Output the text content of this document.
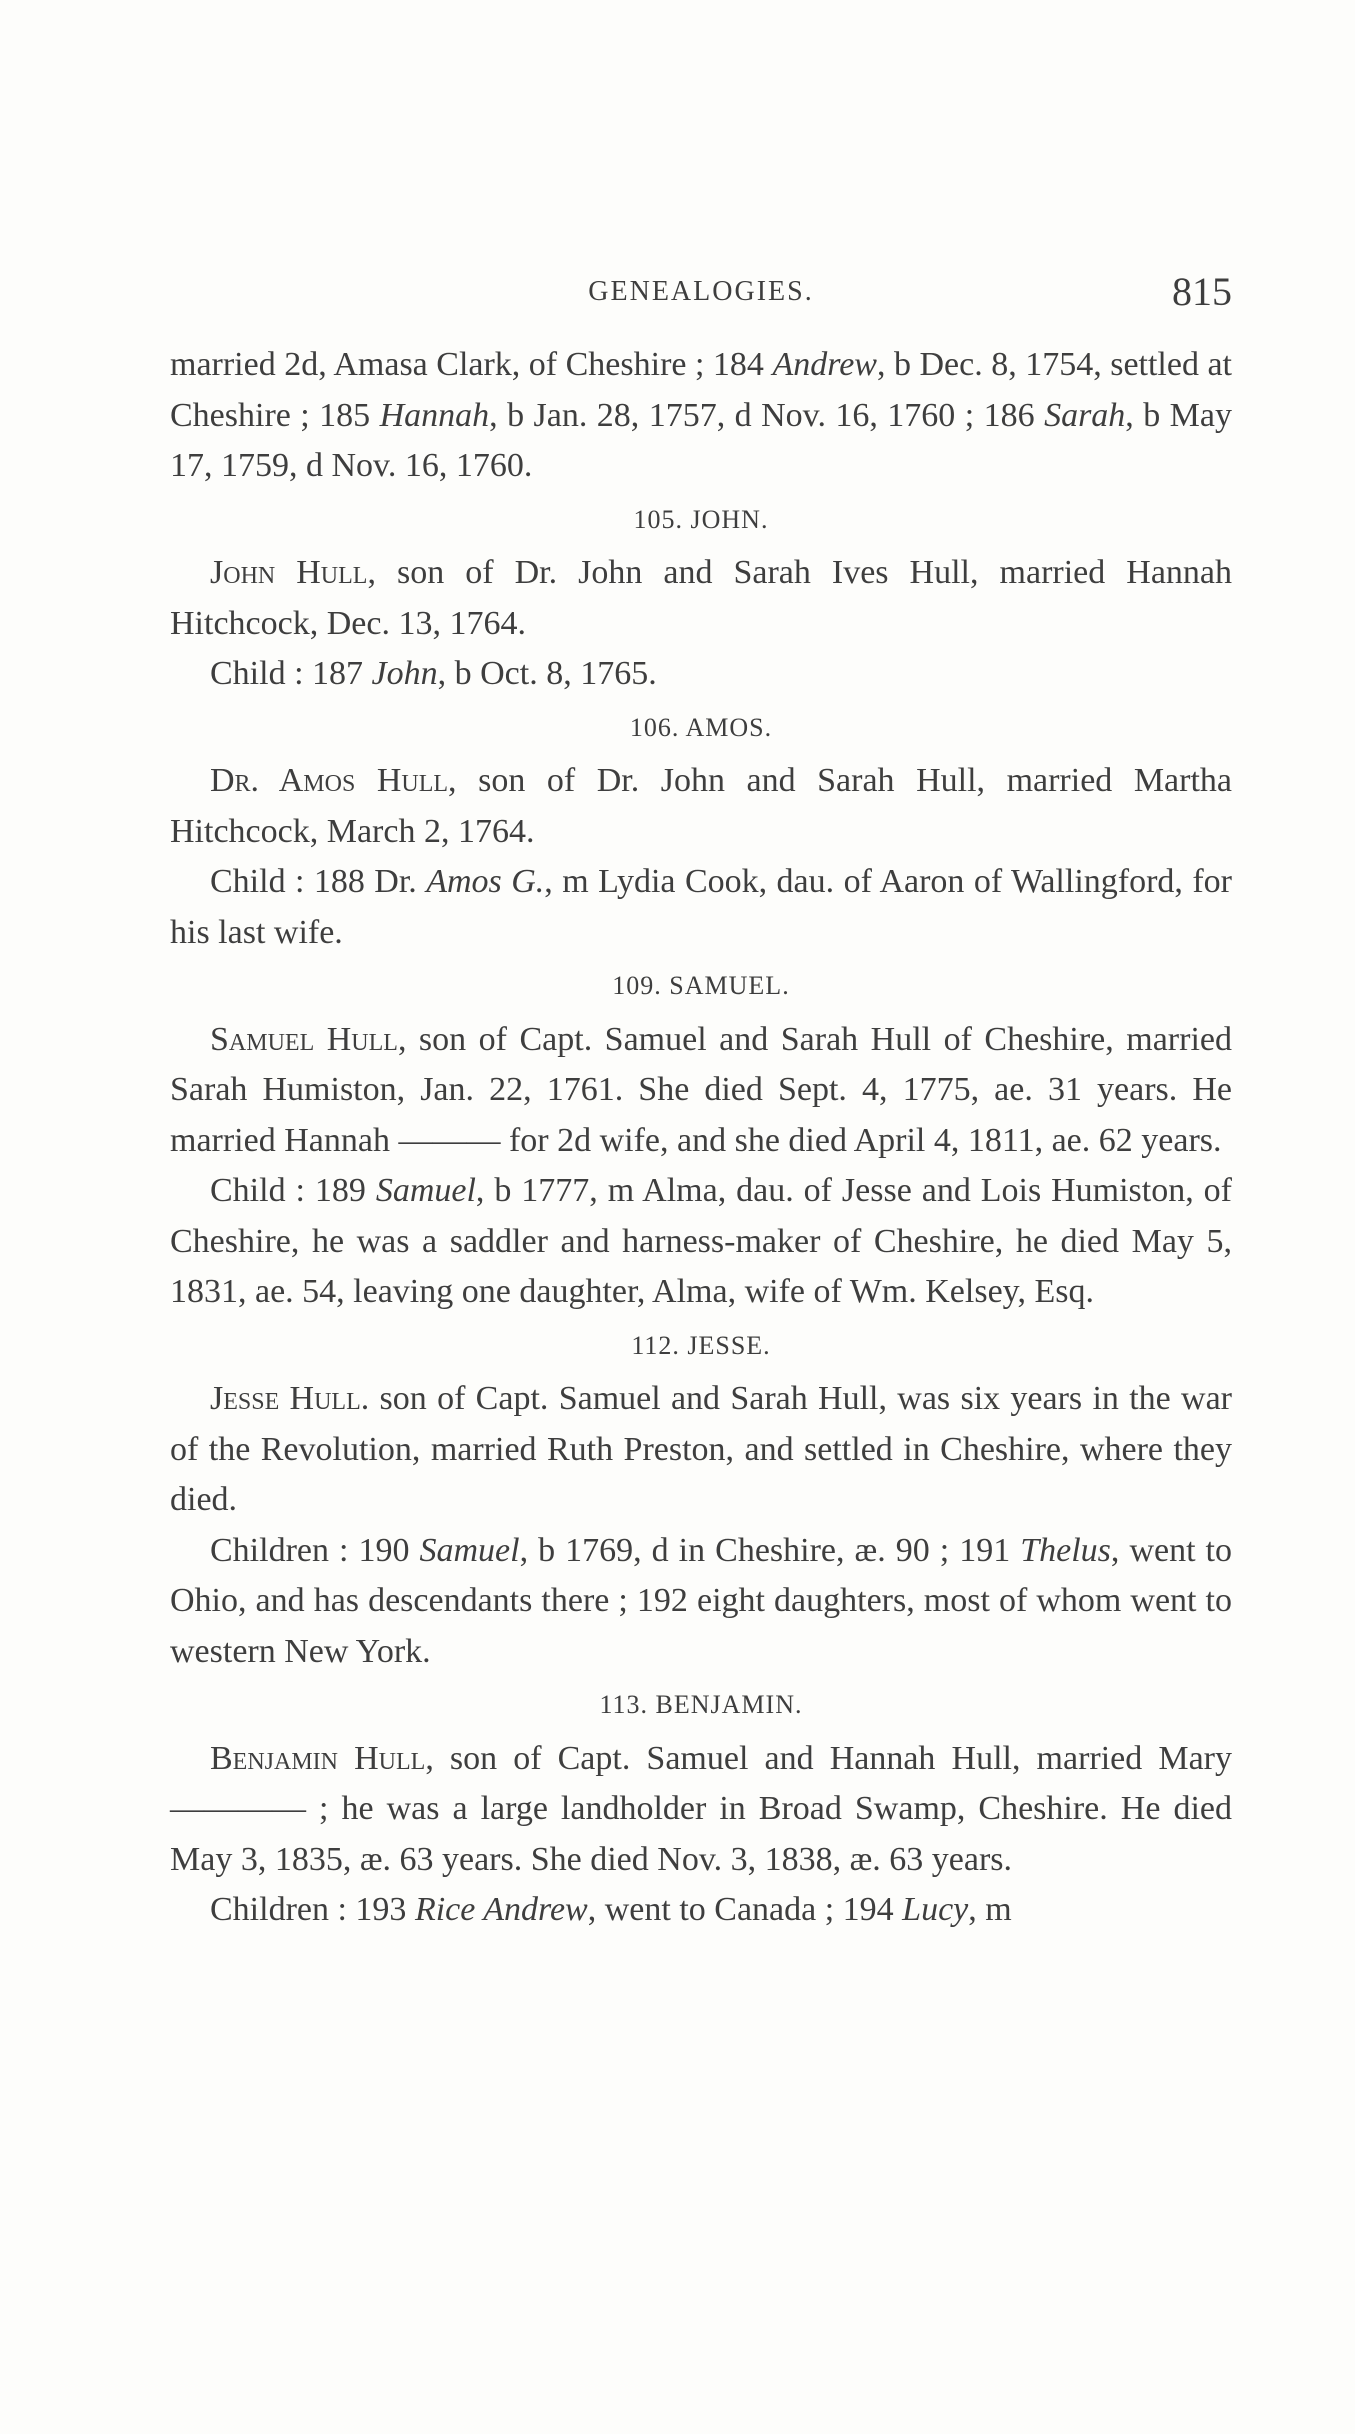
GENEALOGIES.	815

married 2d, Amasa Clark, of Cheshire ; 184 Andrew, b Dec. 8, 1754, settled at Cheshire ; 185 Hannah, b Jan. 28, 1757, d Nov. 16, 1760 ; 186 Sarah, b May 17, 1759, d Nov. 16, 1760.

105. JOHN.

John Hull, son of Dr. John and Sarah Ives Hull, married Hannah Hitchcock, Dec. 13, 1764.

Child : 187 John, b Oct. 8, 1765.

106. AMOS.

Dr. Amos Hull, son of Dr. John and Sarah Hull, married Martha Hitchcock, March 2, 1764.

Child : 188 Dr. Amos G., m Lydia Cook, dau. of Aaron of Wallingford, for his last wife.

109. SAMUEL.

Samuel Hull, son of Capt. Samuel and Sarah Hull of Cheshire, married Sarah Humiston, Jan. 22, 1761. She died Sept. 4, 1775, ae. 31 years. He married Hannah ——— for 2d wife, and she died April 4, 1811, ae. 62 years.

Child : 189 Samuel, b 1777, m Alma, dau. of Jesse and Lois Humiston, of Cheshire, he was a saddler and harness-maker of Cheshire, he died May 5, 1831, ae. 54, leaving one daughter, Alma, wife of Wm. Kelsey, Esq.

112. JESSE.

Jesse Hull. son of Capt. Samuel and Sarah Hull, was six years in the war of the Revolution, married Ruth Preston, and settled in Cheshire, where they died.

Children : 190 Samuel, b 1769, d in Cheshire, æ. 90 ; 191 Thelus, went to Ohio, and has descendants there ; 192 eight daughters, most of whom went to western New York.

113. BENJAMIN.

Benjamin Hull, son of Capt. Samuel and Hannah Hull, married Mary ———— ; he was a large landholder in Broad Swamp, Cheshire. He died May 3, 1835, æ. 63 years. She died Nov. 3, 1838, æ. 63 years.

Children : 193 Rice Andrew, went to Canada ; 194 Lucy, m
